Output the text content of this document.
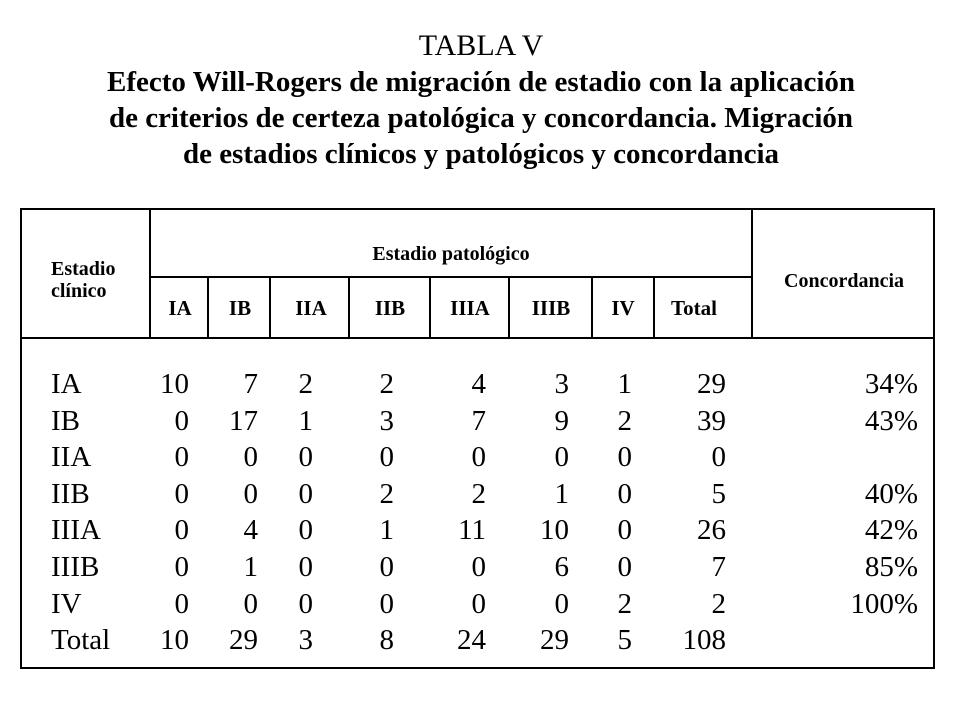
TABLA V
Efecto Will-Rogers de migración de estadio con la aplicación
de criterios de certeza patológica y concordancia. Migración
de estadios clínicos y patológicos y concordancia
Estadio
clínico
Estadio patológico
Concordancia
IA	IB	IIA	IIB	IIIA	IIIB	IV	Total
IA	10 7 2 2	4 3 1 29	34%
IB	0 17 1 3	7 9 2 39	43%
IIA	0 0 0 0	0 0 0	0
IIB	0 0 0 2	2 1 0	5	40%
IIIA	0 4 0 1 11 10 0 26	42%
IIIB	0 1 0 0	0 6 0	7	85%
IV	0 0 0 0	0 0 2	2	100%
Total 10 29 3 8 24 29 5 108
